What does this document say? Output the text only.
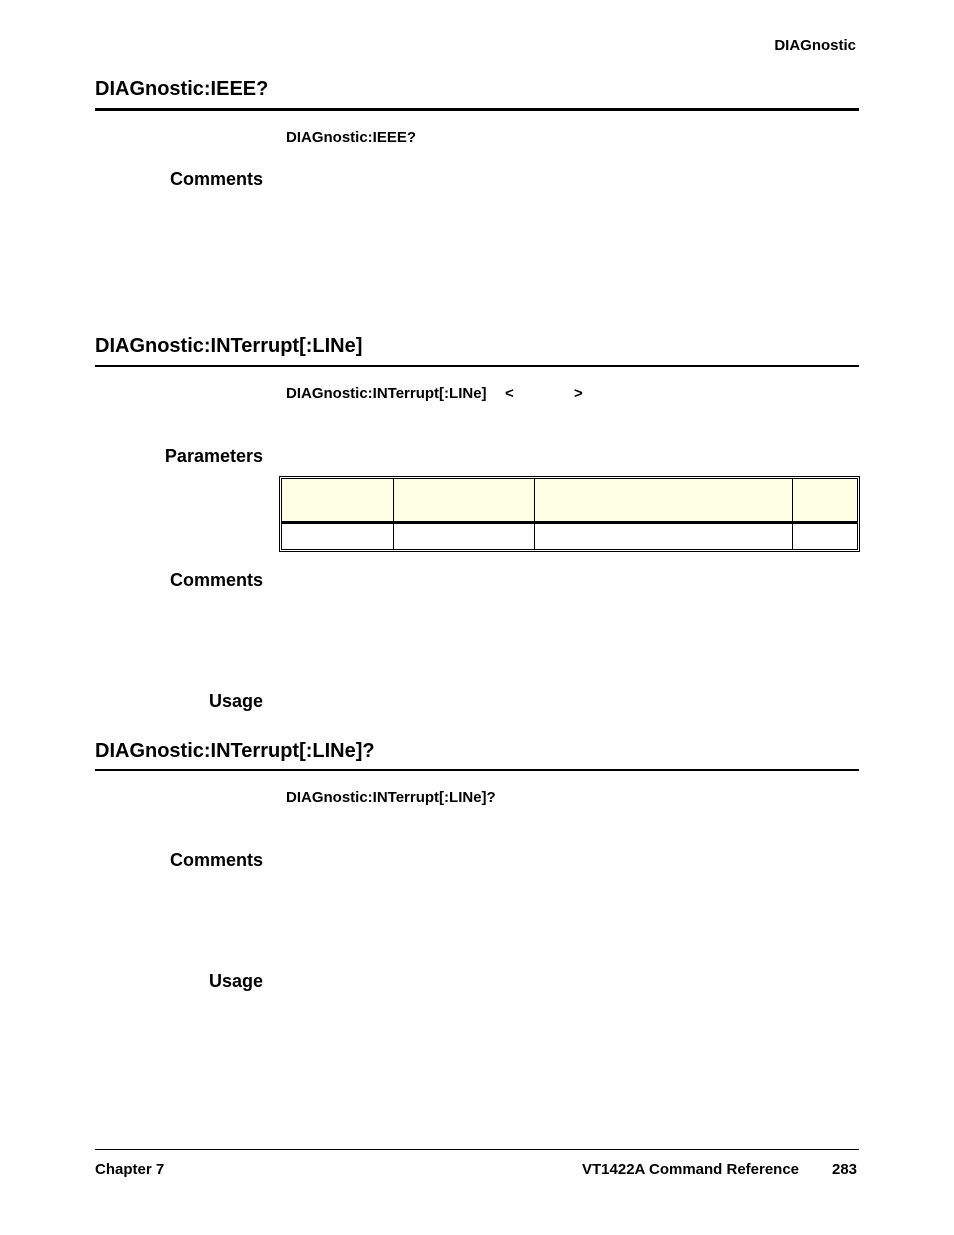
DIAGnostic
DIAGnostic:IEEE?
DIAGnostic:IEEE?
Comments
DIAGnostic:INTerrupt[:LINe]
DIAGnostic:INTerrupt[:LINe] <	>
Parameters

Comments
Usage
DIAGnostic:INTerrupt[:LINe]?
DIAGnostic:INTerrupt[:LINe]?
Comments
Usage
Chapter 7	VT1422A Command Reference 283
